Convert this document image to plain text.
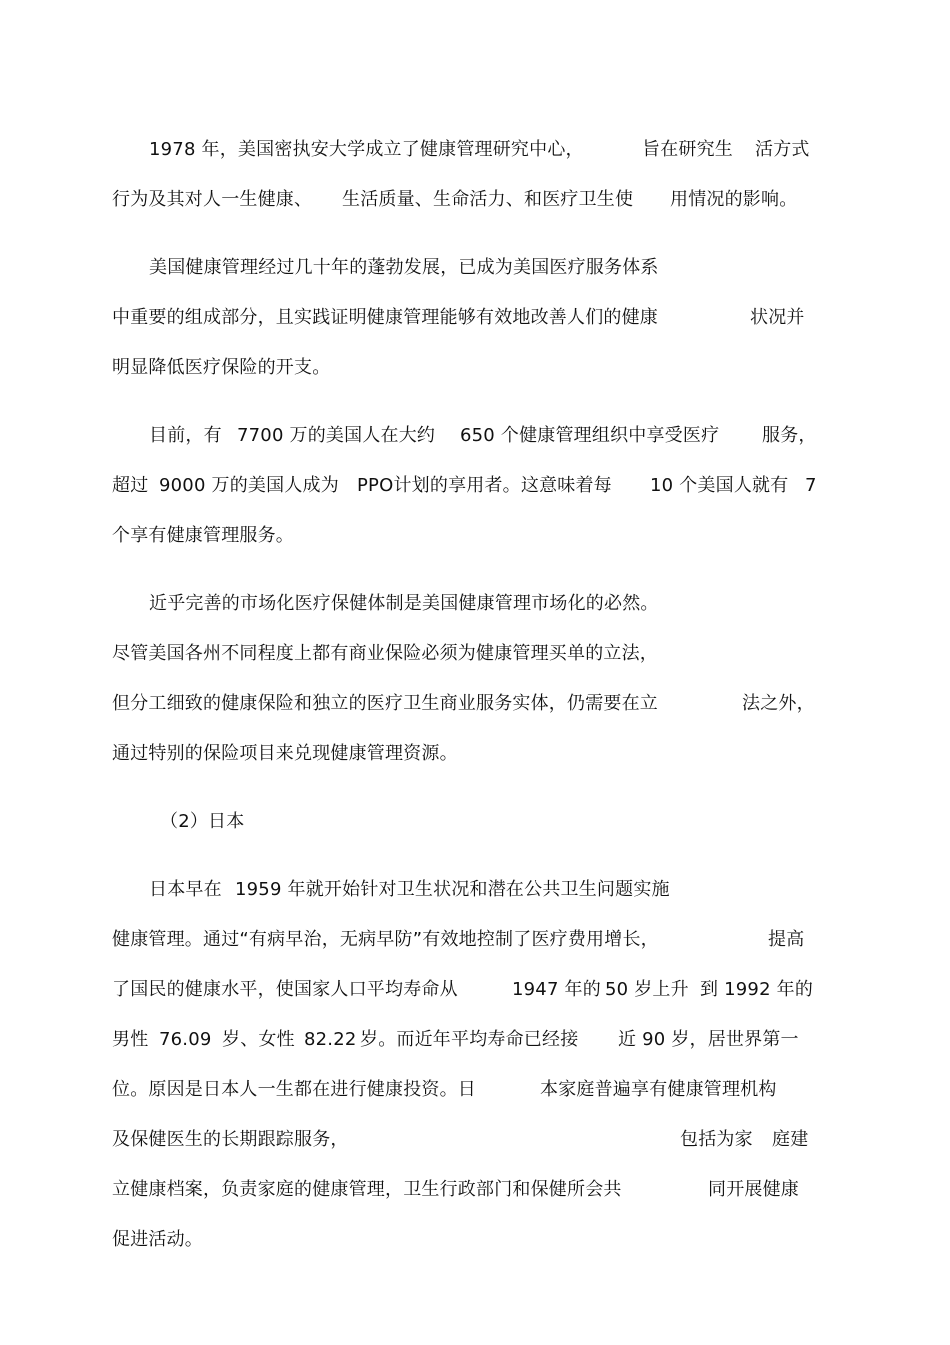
1978 年，美国密执安大学成立了健康管理研究中心，	旨在研究生 活方式
行为及其对人一生健康、 生活质量、生命活力、和医疗卫生使 用情况的影响。
美国健康管理经过几十年的蓬勃发展，已成为美国医疗服务体系
中重要的组成部分，且实践证明健康管理能够有效地改善人们的健康	状况并
明显降低医疗保险的开支。
目前，有 7700 万的美国人在大约 650 个健康管理组织中享受医疗 服务，
超过 9000 万的美国人成为 PPO计划的享用者。这意味着每 10 个美国人就有 7
个享有健康管理服务。
近乎完善的市场化医疗保健体制是美国健康管理市场化的必然。
尽管美国各州不同程度上都有商业保险必须为健康管理买单的立法，
但分工细致的健康保险和独立的医疗卫生商业服务实体，仍需要在立	法之外，
通过特别的保险项目来兑现健康管理资源。
（2）日本
日本早在 1959 年就开始针对卫生状况和潜在公共卫生问题实施
健康管理。通过“有病早治，无病早防”有效地控制了医疗费用增长，	提高
了国民的健康水平，使国家人口平均寿命从	1947 年的 50 岁上升 到 1992 年的
男性 76.09 岁、女性 82.22 岁。而近年平均寿命已经接 近 90 岁，居世界第一
位。原因是日本人一生都在进行健康投资。日	本家庭普遍享有健康管理机构
及保健医生的长期跟踪服务，	包括为家 庭建
立健康档案，负责家庭的健康管理，卫生行政部门和保健所会共	同开展健康
促进活动。
